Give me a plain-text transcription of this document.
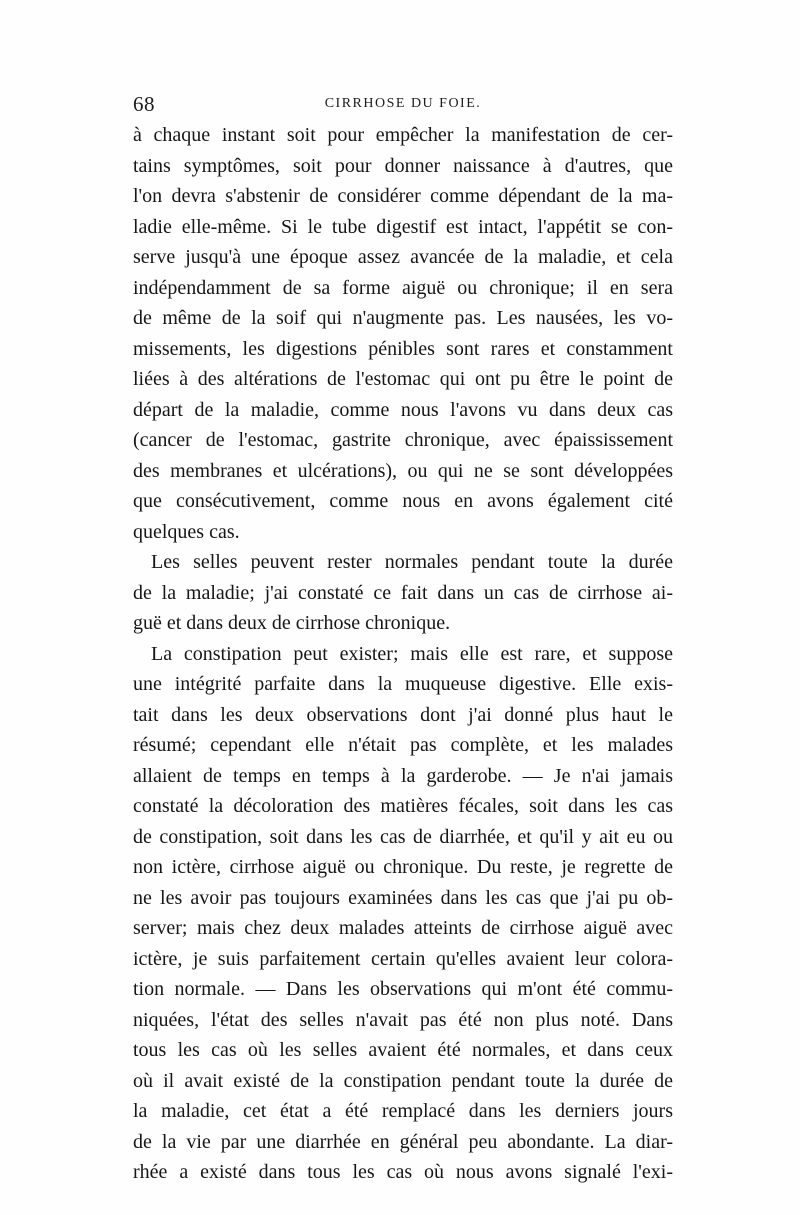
68	CIRRHOSE DU FOIE.
à chaque instant soit pour empêcher la manifestation de cer-
tains symptômes, soit pour donner naissance à d'autres, que
l'on devra s'abstenir de considérer comme dépendant de la ma-
ladie elle-même. Si le tube digestif est intact, l'appétit se con-
serve jusqu'à une époque assez avancée de la maladie, et cela
indépendamment de sa forme aiguë ou chronique; il en sera
de même de la soif qui n'augmente pas. Les nausées, les vo-
missements, les digestions pénibles sont rares et constamment
liées à des altérations de l'estomac qui ont pu être le point de
départ de la maladie, comme nous l'avons vu dans deux cas
(cancer de l'estomac, gastrite chronique, avec épaississement
des membranes et ulcérations), ou qui ne se sont développées
que consécutivement, comme nous en avons également cité
quelques cas.
Les selles peuvent rester normales pendant toute la durée
de la maladie; j'ai constaté ce fait dans un cas de cirrhose ai-
guë et dans deux de cirrhose chronique.
La constipation peut exister; mais elle est rare, et suppose
une intégrité parfaite dans la muqueuse digestive. Elle exis-
tait dans les deux observations dont j'ai donné plus haut le
résumé; cependant elle n'était pas complète, et les malades
allaient de temps en temps à la garderobe. — Je n'ai jamais
constaté la décoloration des matières fécales, soit dans les cas
de constipation, soit dans les cas de diarrhée, et qu'il y ait eu ou
non ictère, cirrhose aiguë ou chronique. Du reste, je regrette de
ne les avoir pas toujours examinées dans les cas que j'ai pu ob-
server; mais chez deux malades atteints de cirrhose aiguë avec
ictère, je suis parfaitement certain qu'elles avaient leur colora-
tion normale. — Dans les observations qui m'ont été commu-
niquées, l'état des selles n'avait pas été non plus noté. Dans
tous les cas où les selles avaient été normales, et dans ceux
où il avait existé de la constipation pendant toute la durée de
la maladie, cet état a été remplacé dans les derniers jours
de la vie par une diarrhée en général peu abondante. La diar-
rhée a existé dans tous les cas où nous avons signalé l'exi-
